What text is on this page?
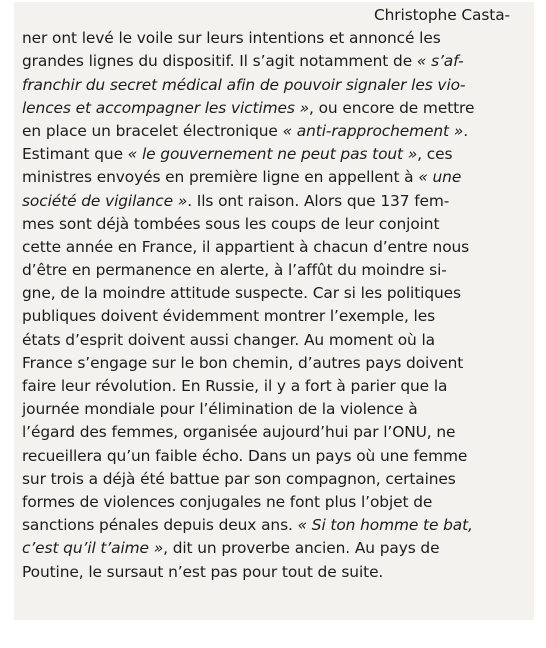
Christophe Casta-
ner ont levé le voile sur leurs intentions et annoncé les
grandes lignes du dispositif. Il s’agit notamment de « s’af-
franchir du secret médical afin de pouvoir signaler les vio-
lences et accompagner les victimes », ou encore de mettre
en place un bracelet électronique « anti-rapprochement ».
Estimant que « le gouvernement ne peut pas tout », ces
ministres envoyés en première ligne en appellent à « une
société de vigilance ». Ils ont raison. Alors que 137 fem-
mes sont déjà tombées sous les coups de leur conjoint
cette année en France, il appartient à chacun d’entre nous
d’être en permanence en alerte, à l’affût du moindre si-
gne, de la moindre attitude suspecte. Car si les politiques
publiques doivent évidemment montrer l’exemple, les
états d’esprit doivent aussi changer. Au moment où la
France s’engage sur le bon chemin, d’autres pays doivent
faire leur révolution. En Russie, il y a fort à parier que la
journée mondiale pour l’élimination de la violence à
l’égard des femmes, organisée aujourd’hui par l’ONU, ne
recueillera qu’un faible écho. Dans un pays où une femme
sur trois a déjà été battue par son compagnon, certaines
formes de violences conjugales ne font plus l’objet de
sanctions pénales depuis deux ans. « Si ton homme te bat,
c’est qu’il t’aime », dit un proverbe ancien. Au pays de
Poutine, le sursaut n’est pas pour tout de suite.
